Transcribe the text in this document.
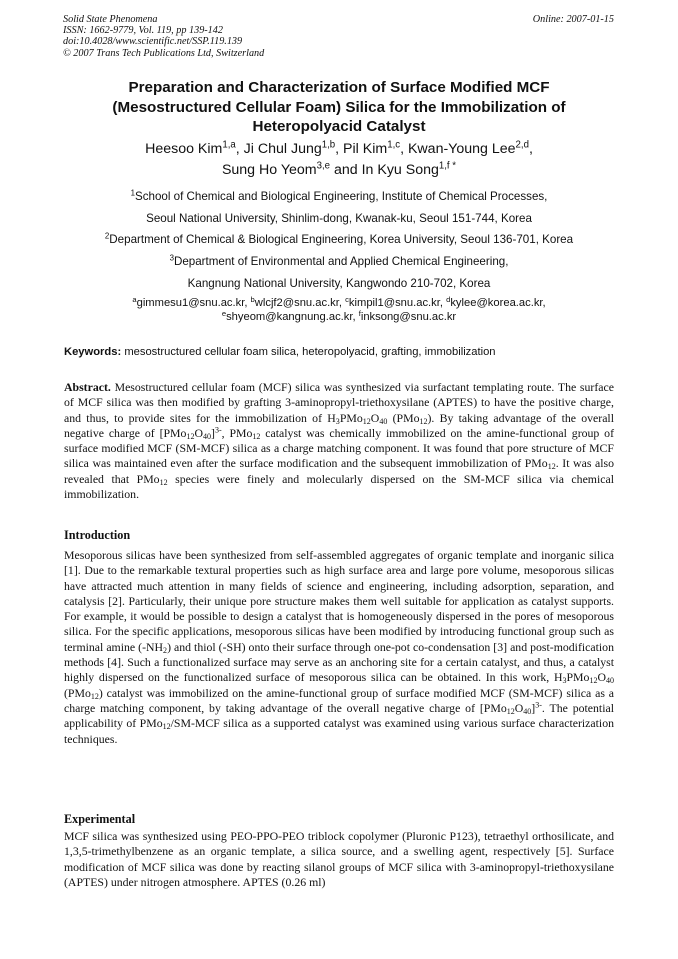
Solid State Phenomena
ISSN: 1662-9779, Vol. 119, pp 139-142
doi:10.4028/www.scientific.net/SSP.119.139
© 2007 Trans Tech Publications Ltd, Switzerland
Online: 2007-01-15
Preparation and Characterization of Surface Modified MCF
(Mesostructured Cellular Foam) Silica for the Immobilization of
Heteropolyacid Catalyst
Heesoo Kim$^{1,a}$, Ji Chul Jung$^{1,b}$, Pil Kim$^{1,c}$, Kwan-Young Lee$^{2,d}$,
Sung Ho Yeom$^{3,e}$ and In Kyu Song$^{1,f *}$
$^1$School of Chemical and Biological Engineering, Institute of Chemical Processes,
Seoul National University, Shinlim-dong, Kwanak-ku, Seoul 151-744, Korea
$^2$Department of Chemical & Biological Engineering, Korea University, Seoul 136-701, Korea
$^3$Department of Environmental and Applied Chemical Engineering,
Kangnung National University, Kangwondo 210-702, Korea
$^a$gimmesu1@snu.ac.kr, $^b$wlcjf2@snu.ac.kr, $^c$kimpil1@snu.ac.kr, $^d$kylee@korea.ac.kr,
$^e$shyeom@kangnung.ac.kr, $^f$inksong@snu.ac.kr
Keywords: mesostructured cellular foam silica, heteropolyacid, grafting, immobilization
Abstract. Mesostructured cellular foam (MCF) silica was synthesized via surfactant templating route. The surface of MCF silica was then modified by grafting 3-aminopropyl-triethoxysilane (APTES) to have the positive charge, and thus, to provide sites for the immobilization of $H_3PMo_{12}O_{40}$ (PMo$_{12}$). By taking advantage of the overall negative charge of $[PMo_{12}O_{40}]^{3-}$, PMo$_{12}$ catalyst was chemically immobilized on the amine-functional group of surface modified MCF (SM-MCF) silica as a charge matching component. It was found that pore structure of MCF silica was maintained even after the surface modification and the subsequent immobilization of PMo$_{12}$. It was also revealed that PMo$_{12}$ species were finely and molecularly dispersed on the SM-MCF silica via chemical immobilization.
Introduction
Mesoporous silicas have been synthesized from self-assembled aggregates of organic template and inorganic silica [1]. Due to the remarkable textural properties such as high surface area and large pore volume, mesoporous silicas have attracted much attention in many fields of science and engineering, including adsorption, separation, and catalysis [2]. Particularly, their unique pore structure makes them well suitable for application as catalyst supports. For example, it would be possible to design a catalyst that is homogeneously dispersed in the pores of mesoporous silica. For the specific applications, mesoporous silicas have been modified by introducing functional group such as terminal amine $(-NH_2)$ and thiol (-SH) onto their surface through one-pot co-condensation [3] and post-modification methods [4]. Such a functionalized surface may serve as an anchoring site for a certain catalyst, and thus, a catalyst highly dispersed on the functionalized surface of mesoporous silica can be obtained. In this work, $H_3PMo_{12}O_{40}$ (PMo$_{12}$) catalyst was immobilized on the amine-functional group of surface modified MCF (SM-MCF) silica as a charge matching component, by taking advantage of the overall negative charge of $[PMo_{12}O_{40}]^{3-}$. The potential applicability of PMo$_{12}$/SM-MCF silica as a supported catalyst was examined using various surface characterization techniques.
Experimental
MCF silica was synthesized using PEO-PPO-PEO triblock copolymer (Pluronic P123), tetraethyl orthosilicate, and 1,3,5-trimethylbenzene as an organic template, a silica source, and a swelling agent, respectively [5]. Surface modification of MCF silica was done by reacting silanol groups of MCF silica with 3-aminopropyl-triethoxysilane (APTES) under nitrogen atmosphere. APTES (0.26 ml)
